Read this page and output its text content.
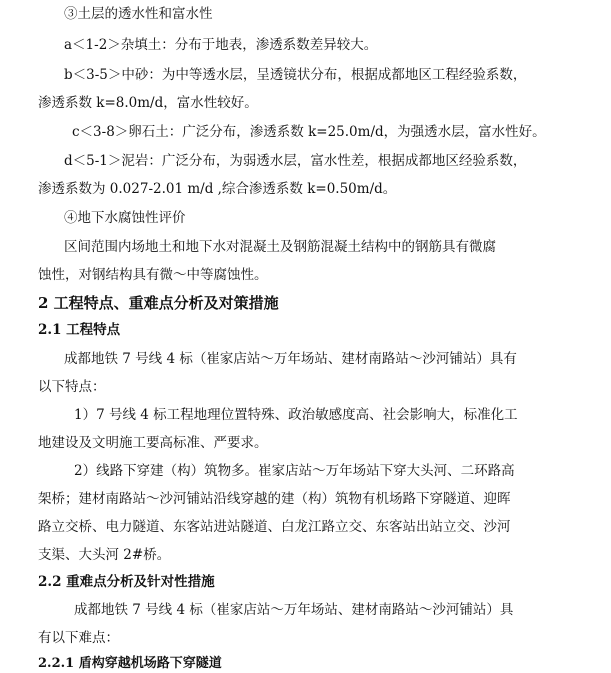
③土层的透水性和富水性
a＜1-2＞杂填土：分布于地表，渗透系数差异较大。
b＜3-5＞中砂：为中等透水层，呈透镜状分布，根据成都地区工程经验系数，
渗透系数 k=8.0m/d，富水性较好。
c＜3-8＞卵石土：广泛分布，渗透系数 k=25.0m/d，为强透水层，富水性好。
d＜5-1＞泥岩：广泛分布，为弱透水层，富水性差，根据成都地区经验系数，
渗透系数为 0.027-2.01 m/d ,综合渗透系数 k=0.50m/d。
④地下水腐蚀性评价
区间范围内场地土和地下水对混凝土及钢筋混凝土结构中的钢筋具有微腐
蚀性，对钢结构具有微～中等腐蚀性。
2 工程特点、重难点分析及对策措施
2.1 工程特点
成都地铁 7 号线 4 标（崔家店站～万年场站、建材南路站～沙河铺站）具有
以下特点：
1）7 号线 4 标工程地理位置特殊、政治敏感度高、社会影响大，标准化工
地建设及文明施工要高标准、严要求。
2）线路下穿建（构）筑物多。崔家店站～万年场站下穿大头河、二环路高
架桥；建材南路站～沙河铺站沿线穿越的建（构）筑物有机场路下穿隧道、迎晖
路立交桥、电力隧道、东客站进站隧道、白龙江路立交、东客站出站立交、沙河
支渠、大头河 2#桥。
2.2 重难点分析及针对性措施
成都地铁 7 号线 4 标（崔家店站～万年场站、建材南路站～沙河铺站）具
有以下难点：
2.2.1 盾构穿越机场路下穿隧道
